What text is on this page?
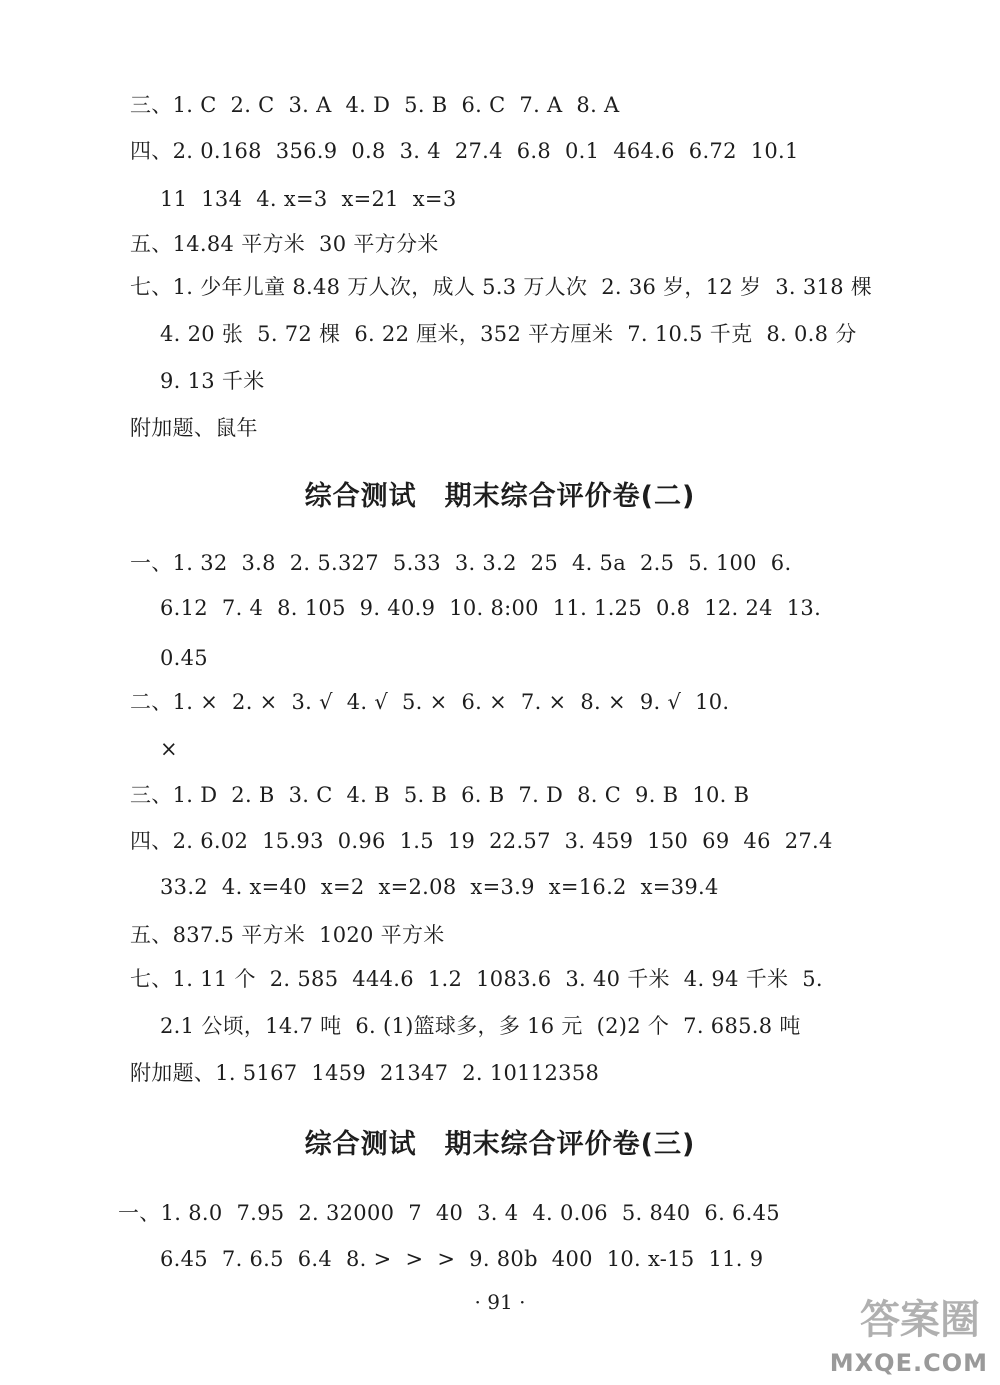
三、1. C  2. C  3. A  4. D  5. B  6. C  7. A  8. A
四、2. 0.168  356.9  0.8  3. 4  27.4  6.8  0.1  464.6  6.72  10.1
11  134  4. x=3  x=21  x=3
五、14.84 平方米  30 平方分米
七、1. 少年儿童 8.48 万人次，成人 5.3 万人次  2. 36 岁，12 岁  3. 318 棵
4. 20 张  5. 72 棵  6. 22 厘米，352 平方厘米  7. 10.5 千克  8. 0.8 分
9. 13 千米
附加题、鼠年
综合测试　期末综合评价卷(二)
一、1. 32  3.8  2. 5.327  5.33  3. 3.2  25  4. 5a  2.5  5. 100  6.
6.12  7. 4  8. 105  9. 40.9  10. 8:00  11. 1.25  0.8  12. 24  13.
0.45
二、1. ×  2. ×  3. √  4. √  5. ×  6. ×  7. ×  8. ×  9. √  10.
×
三、1. D  2. B  3. C  4. B  5. B  6. B  7. D  8. C  9. B  10. B
四、2. 6.02  15.93  0.96  1.5  19  22.57  3. 459  150  69  46  27.4
33.2  4. x=40  x=2  x=2.08  x=3.9  x=16.2  x=39.4
五、837.5 平方米  1020 平方米
七、1. 11 个  2. 585  444.6  1.2  1083.6  3. 40 千米  4. 94 千米  5.
2.1 公顷，14.7 吨  6. (1)篮球多，多 16 元  (2)2 个  7. 685.8 吨
附加题、1. 5167  1459  21347  2. 10112358
综合测试　期末综合评价卷(三)
一、1. 8.0  7.95  2. 32000  7  40  3. 4  4. 0.06  5. 840  6. 6.45
6.45  7. 6.5  6.4  8. >  >  >  9. 80b  400  10. x-15  11. 9
· 91 ·	答案圈
MXQE.COM
